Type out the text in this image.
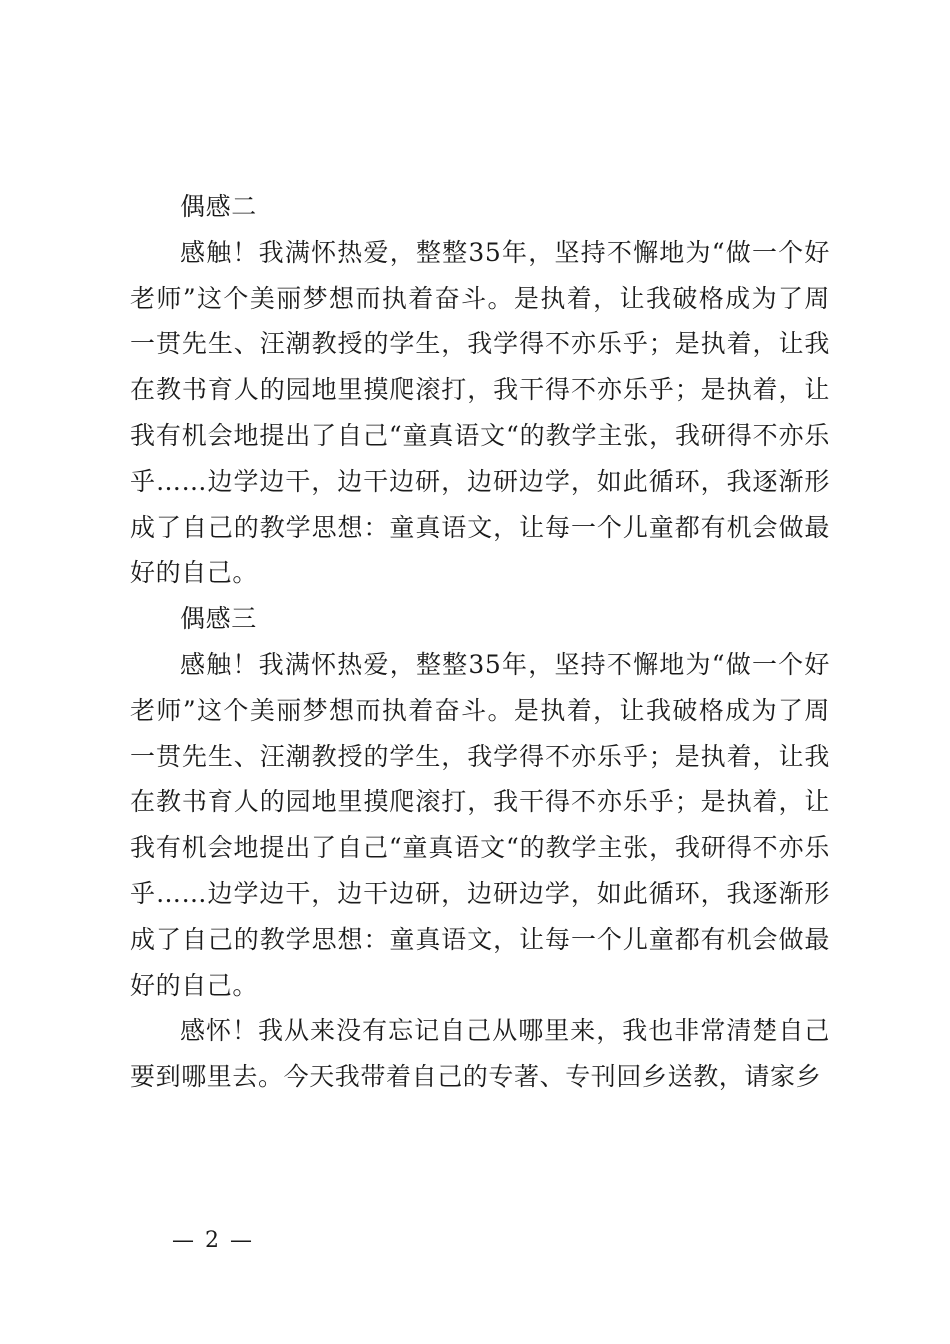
偶感二

感触！我满怀热爱，整整35年，坚持不懈地为“做一个好老师”这个美丽梦想而执着奋斗。是执着，让我破格成为了周一贯先生、汪潮教授的学生，我学得不亦乐乎；是执着，让我在教书育人的园地里摸爬滚打，我干得不亦乐乎；是执着，让我有机会地提出了自己“童真语文“的教学主张，我研得不亦乐乎……边学边干，边干边研，边研边学，如此循环，我逐渐形成了自己的教学思想：童真语文，让每一个儿童都有机会做最好的自己。

偶感三

感触！我满怀热爱，整整35年，坚持不懈地为“做一个好老师”这个美丽梦想而执着奋斗。是执着，让我破格成为了周一贯先生、汪潮教授的学生，我学得不亦乐乎；是执着，让我在教书育人的园地里摸爬滚打，我干得不亦乐乎；是执着，让我有机会地提出了自己“童真语文“的教学主张，我研得不亦乐乎……边学边干，边干边研，边研边学，如此循环，我逐渐形成了自己的教学思想：童真语文，让每一个儿童都有机会做最好的自己。

感怀！我从来没有忘记自己从哪里来，我也非常清楚自己要到哪里去。今天我带着自己的专著、专刊回乡送教，请家乡

— 2 —
